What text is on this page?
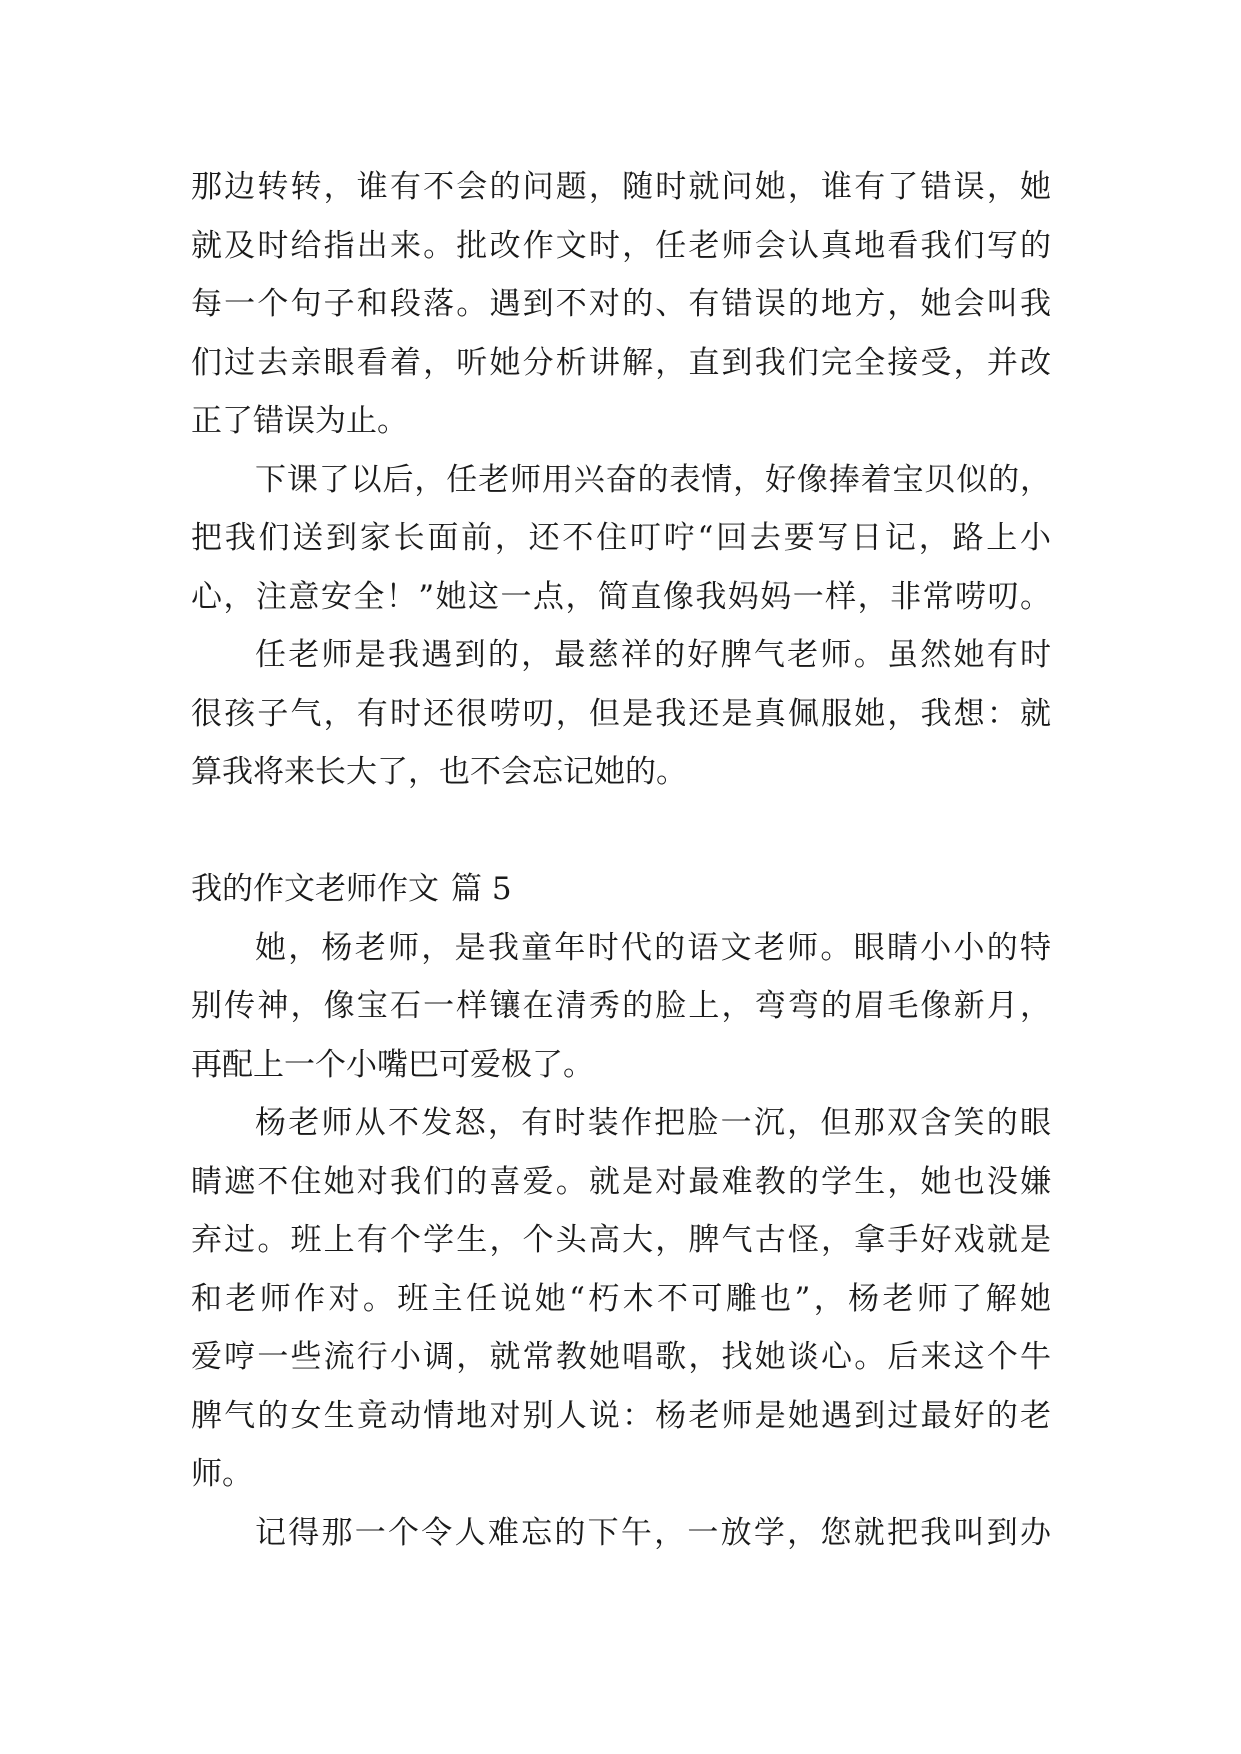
那边转转，谁有不会的问题，随时就问她，谁有了错误，她
就及时给指出来。批改作文时，任老师会认真地看我们写的
每一个句子和段落。遇到不对的、有错误的地方，她会叫我
们过去亲眼看着，听她分析讲解，直到我们完全接受，并改
正了错误为止。
下课了以后，任老师用兴奋的表情，好像捧着宝贝似的，
把我们送到家长面前，还不住叮咛“回去要写日记，路上小
心，注意安全！”她这一点，简直像我妈妈一样，非常唠叨。
任老师是我遇到的，最慈祥的好脾气老师。虽然她有时
很孩子气，有时还很唠叨，但是我还是真佩服她，我想：就
算我将来长大了，也不会忘记她的。
我的作文老师作文 篇 5
她，杨老师，是我童年时代的语文老师。眼睛小小的特
别传神，像宝石一样镶在清秀的脸上，弯弯的眉毛像新月，
再配上一个小嘴巴可爱极了。
杨老师从不发怒，有时装作把脸一沉，但那双含笑的眼
睛遮不住她对我们的喜爱。就是对最难教的学生，她也没嫌
弃过。班上有个学生，个头高大，脾气古怪，拿手好戏就是
和老师作对。班主任说她“朽木不可雕也”，杨老师了解她
爱哼一些流行小调，就常教她唱歌，找她谈心。后来这个牛
脾气的女生竟动情地对别人说：杨老师是她遇到过最好的老
师。
记得那一个令人难忘的下午，一放学，您就把我叫到办
